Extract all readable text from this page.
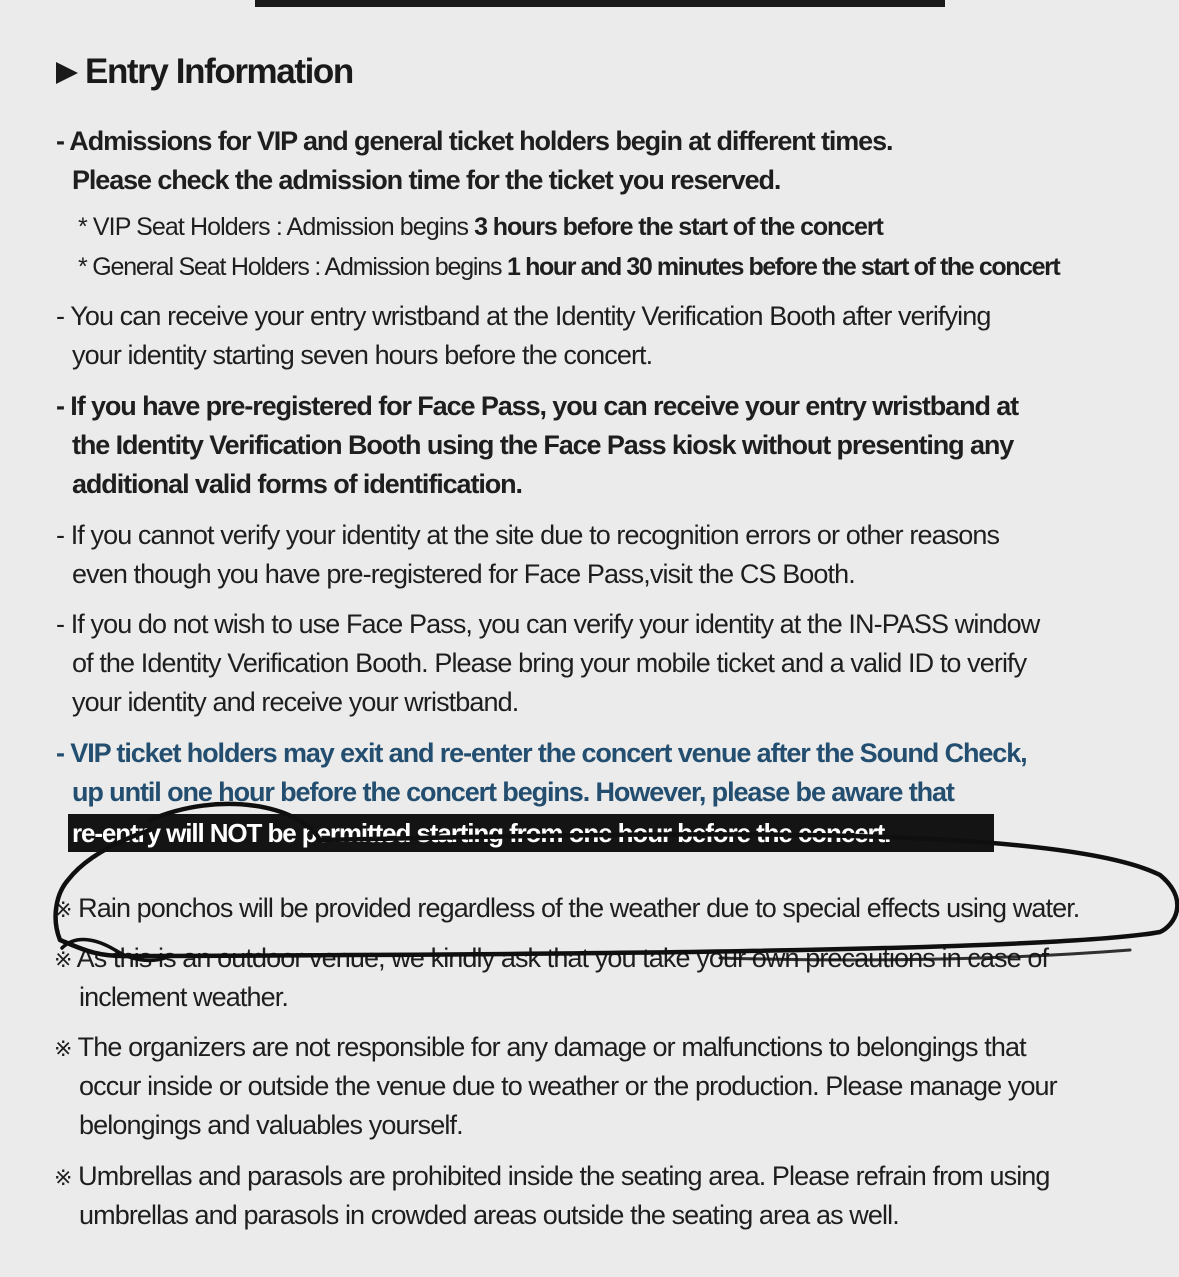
Entry Information
- Admissions for VIP and general ticket holders begin at different times.
Please check the admission time for the ticket you reserved.
* VIP Seat Holders : Admission begins 3 hours before the start of the concert
* General Seat Holders : Admission begins 1 hour and 30 minutes before the start of the concert
- You can receive your entry wristband at the Identity Verification Booth after verifying
your identity starting seven hours before the concert.
- If you have pre-registered for Face Pass, you can receive your entry wristband at
the Identity Verification Booth using the Face Pass kiosk without presenting any
additional valid forms of identification.
- If you cannot verify your identity at the site due to recognition errors or other reasons
even though you have pre-registered for Face Pass,visit the CS Booth.
- If you do not wish to use Face Pass, you can verify your identity at the IN-PASS window
of the Identity Verification Booth. Please bring your mobile ticket and a valid ID to verify
your identity and receive your wristband.
- VIP ticket holders may exit and re-enter the concert venue after the Sound Check,
up until one hour before the concert begins. However, please be aware that
re-entry will NOT be permitted starting from one hour before the concert.
※ Rain ponchos will be provided regardless of the weather due to special effects using water.
※ As this is an outdoor venue, we kindly ask that you take your own precautions in case of
inclement weather.
※ The organizers are not responsible for any damage or malfunctions to belongings that
occur inside or outside the venue due to weather or the production. Please manage your
belongings and valuables yourself.
※ Umbrellas and parasols are prohibited inside the seating area. Please refrain from using
umbrellas and parasols in crowded areas outside the seating area as well.
